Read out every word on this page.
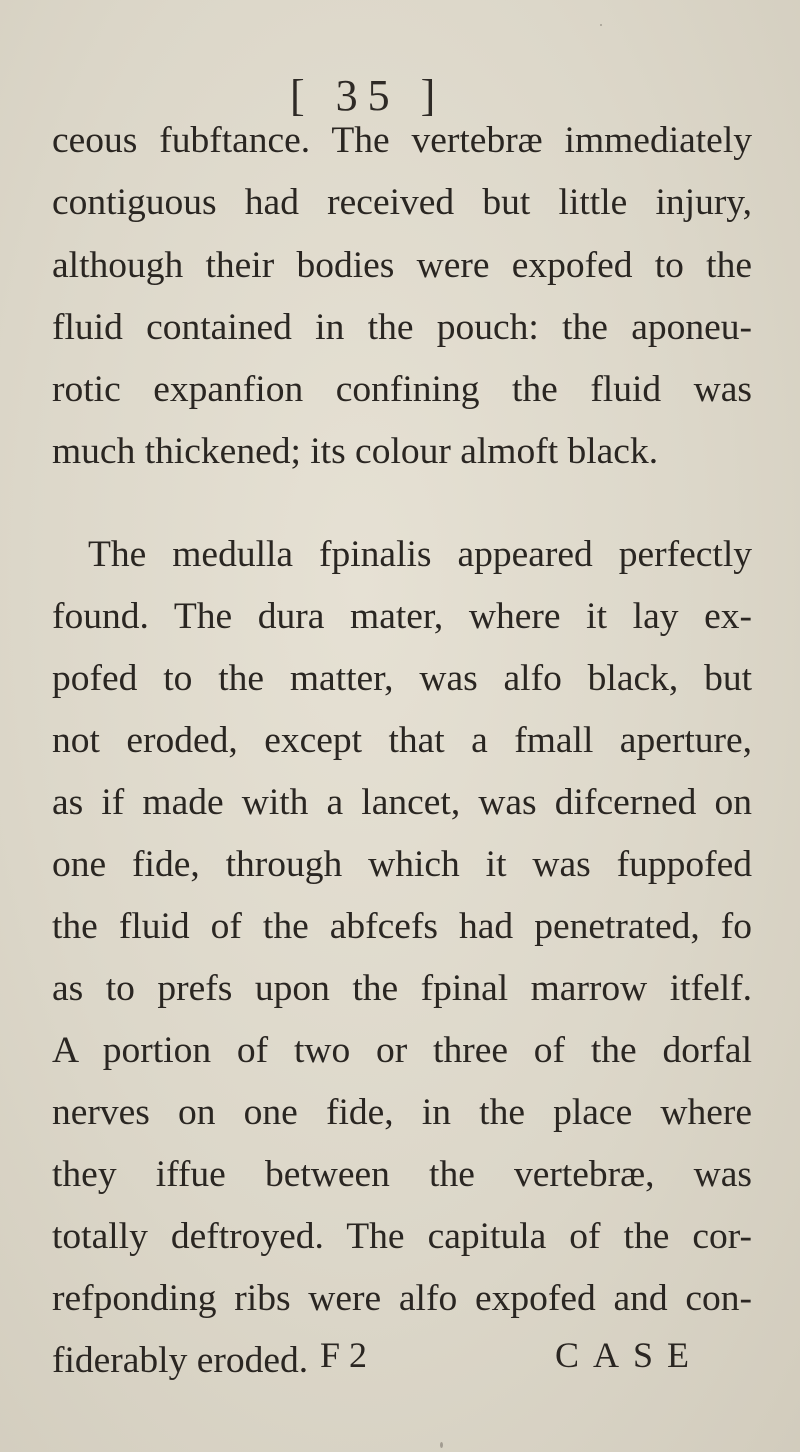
[ 35 ]
ceous fubftance. The vertebræ immediately
contiguous had received but little injury,
although their bodies were expofed to the
fluid contained in the pouch: the aponeu-
rotic expanfion confining the fluid was
much thickened; its colour almoft black.
The medulla fpinalis appeared perfectly
found. The dura mater, where it lay ex-
pofed to the matter, was alfo black, but
not eroded, except that a fmall aperture,
as if made with a lancet, was difcerned on
one fide, through which it was fuppofed
the fluid of the abfcefs had penetrated, fo
as to prefs upon the fpinal marrow itfelf.
A portion of two or three of the dorfal
nerves on one fide, in the place where
they iffue between the vertebræ, was
totally deftroyed. The capitula of the cor-
refponding ribs were alfo expofed and con-
fiderably eroded. F 2	CASE
